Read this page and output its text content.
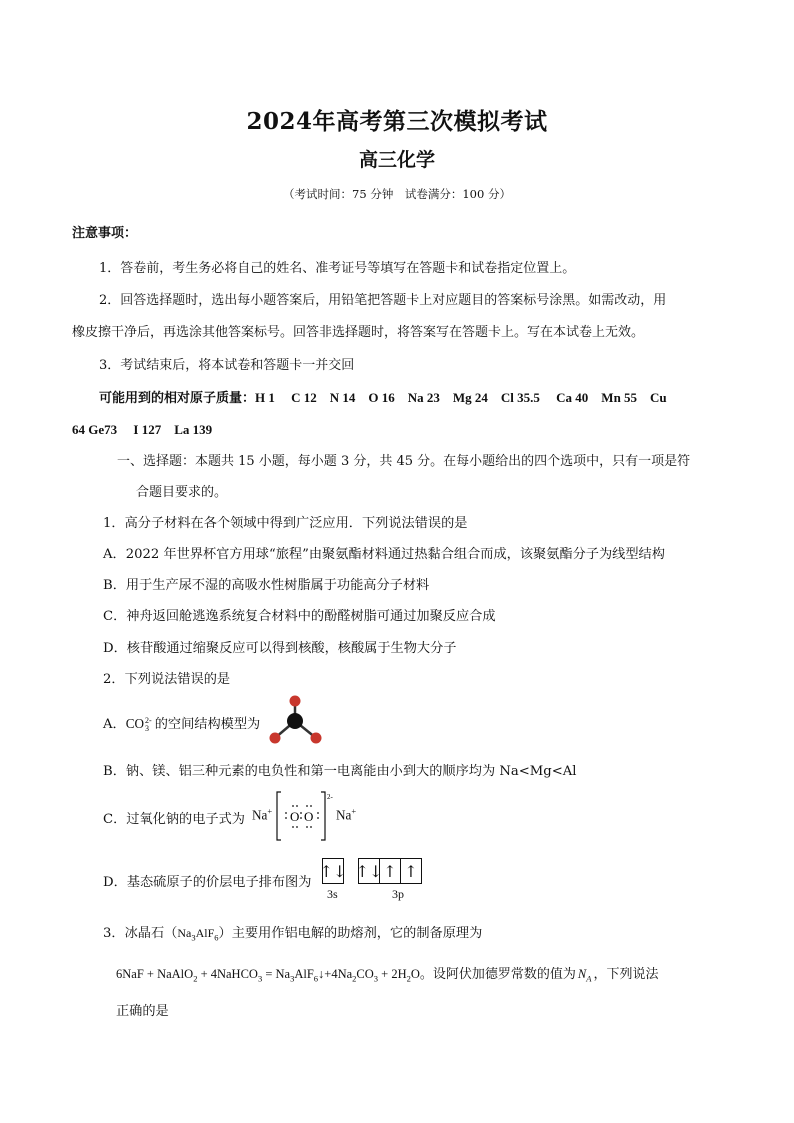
2024年高考第三次模拟考试
高三化学
（考试时间：75 分钟　试卷满分：100 分）
注意事项：
1．答卷前，考生务必将自己的姓名、准考证号等填写在答题卡和试卷指定位置上。
2．回答选择题时，选出每小题答案后，用铅笔把答题卡上对应题目的答案标号涂黑。如需改动，用
橡皮擦干净后，再选涂其他答案标号。回答非选择题时，将答案写在答题卡上。写在本试卷上无效。
3．考试结束后，将本试卷和答题卡一并交回
可能用到的相对原子质量：H 1　 C 12　N 14　O 16　Na 23　Mg 24　Cl 35.5　 Ca 40　Mn 55　Cu
64 Ge73　 I 127　La 139
一、选择题：本题共 15 小题，每小题 3 分，共 45 分。在每小题给出的四个选项中，只有一项是符
合题目要求的。
1．高分子材料在各个领域中得到广泛应用．下列说法错误的是
A．2022 年世界杯官方用球“旅程”由聚氨酯材料通过热黏合组合而成，该聚氨酯分子为线型结构
B．用于生产尿不湿的高吸水性树脂属于功能高分子材料
C．神舟返回舱逃逸系统复合材料中的酚醛树脂可通过加聚反应合成
D．核苷酸通过缩聚反应可以得到核酸，核酸属于生物大分子
2．下列说法错误的是
A．CO 2-
3 的空间结构模型为
B．钠、镁、铝三种元素的电负性和第一电离能由小到大的顺序均为 Na<Mg<Al
C．过氧化钠的电子式为 Na+ O O
2-
Na+
D．基态硫原子的价层电子排布图为
↑↓ ↑↓ ↑ ↑
3s	3p
3．冰晶石$(Na_3AlF_6)$主要用作铝电解的助熔剂，它的制备原理为
6NaF + NaAlO$_2$ + 4NaHCO$_3$ = $Na_3AlF_6↓+4Na_2CO_3 + 2H_2O$。设阿伏加德罗常数的值为 $N_A$ ，下列说法
正确的是
